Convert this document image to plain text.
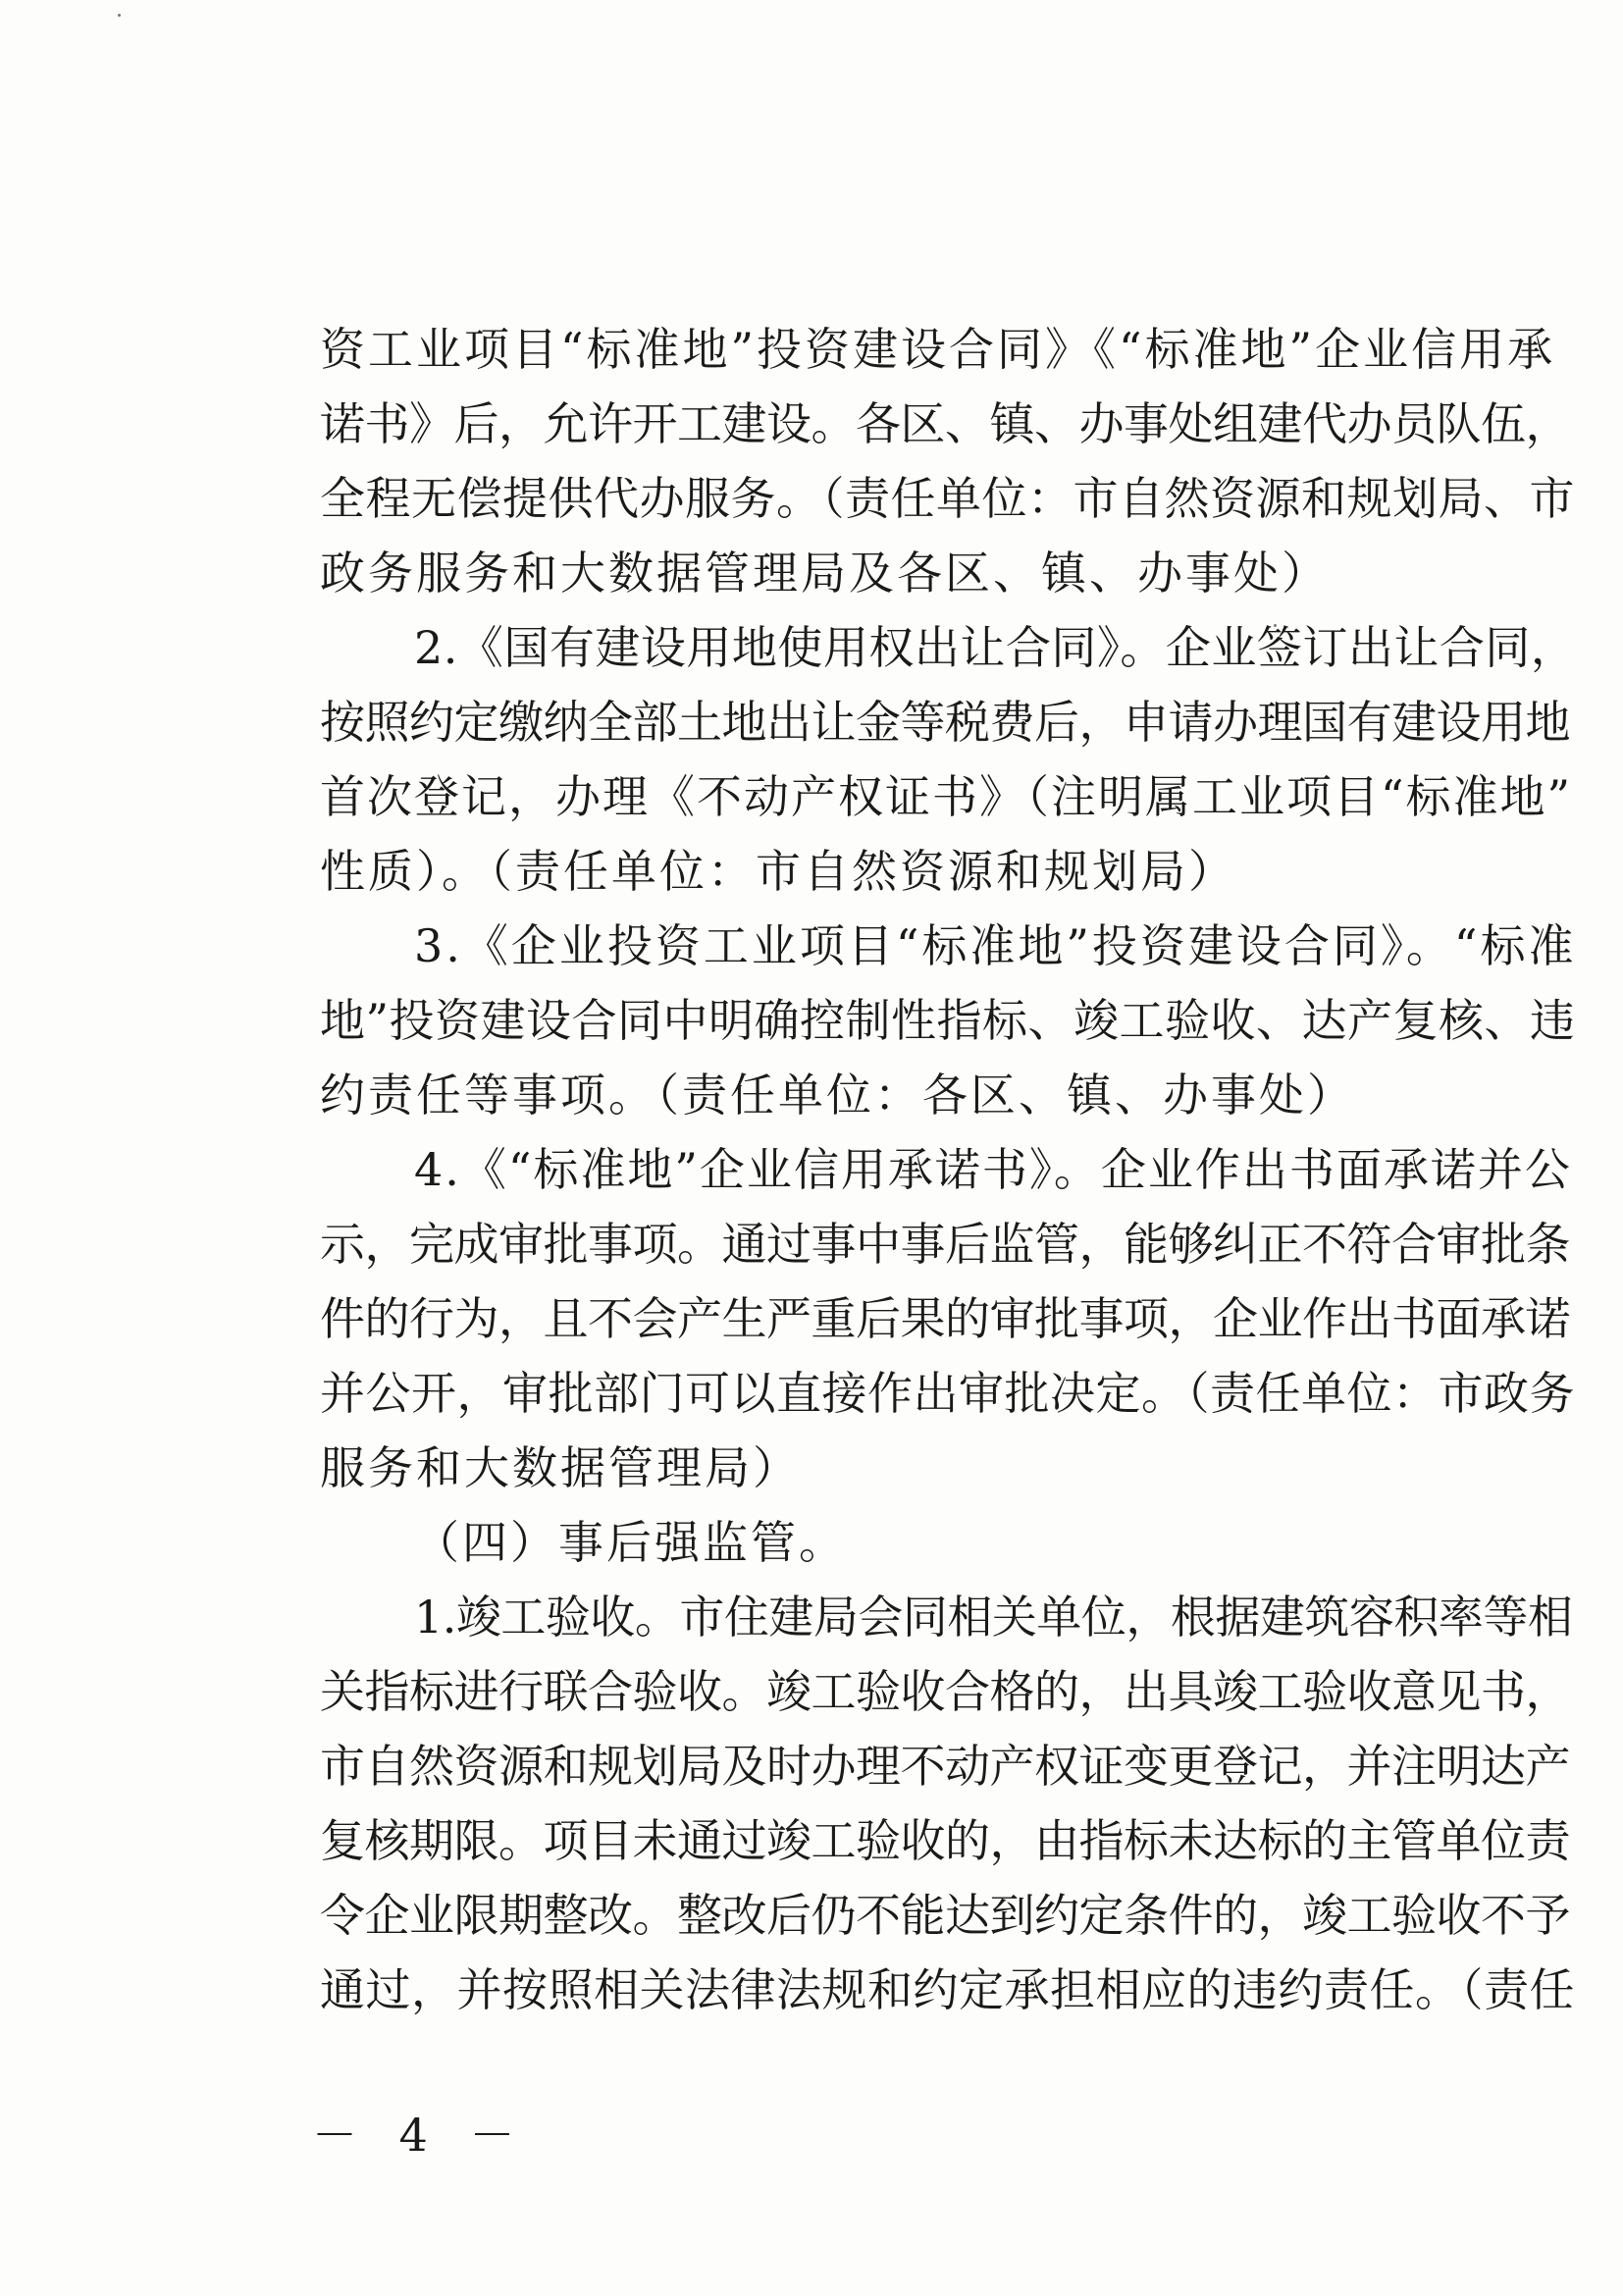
资工业项目“标准地”投资建设合同》《“标准地”企业信用承
诺书》后，允许开工建设。各区、镇、办事处组建代办员队伍，
全程无偿提供代办服务。（责任单位：市自然资源和规划局、市
政务服务和大数据管理局及各区、镇、办事处）
2.《国有建设用地使用权出让合同》。企业签订出让合同，
按照约定缴纳全部土地出让金等税费后，申请办理国有建设用地
首次登记，办理《不动产权证书》（注明属工业项目“标准地”
性质）。（责任单位：市自然资源和规划局）
3.《企业投资工业项目“标准地”投资建设合同》。“标准
地”投资建设合同中明确控制性指标、竣工验收、达产复核、违
约责任等事项。（责任单位：各区、镇、办事处）
4.《“标准地”企业信用承诺书》。企业作出书面承诺并公
示，完成审批事项。通过事中事后监管，能够纠正不符合审批条
件的行为，且不会产生严重后果的审批事项，企业作出书面承诺
并公开，审批部门可以直接作出审批决定。（责任单位：市政务
服务和大数据管理局）
（四）事后强监管。
1.竣工验收。市住建局会同相关单位，根据建筑容积率等相
关指标进行联合验收。竣工验收合格的，出具竣工验收意见书，
市自然资源和规划局及时办理不动产权证变更登记，并注明达产
复核期限。项目未通过竣工验收的，由指标未达标的主管单位责
令企业限期整改。整改后仍不能达到约定条件的，竣工验收不予
通过，并按照相关法律法规和约定承担相应的违约责任。（责任
－ 4 －
